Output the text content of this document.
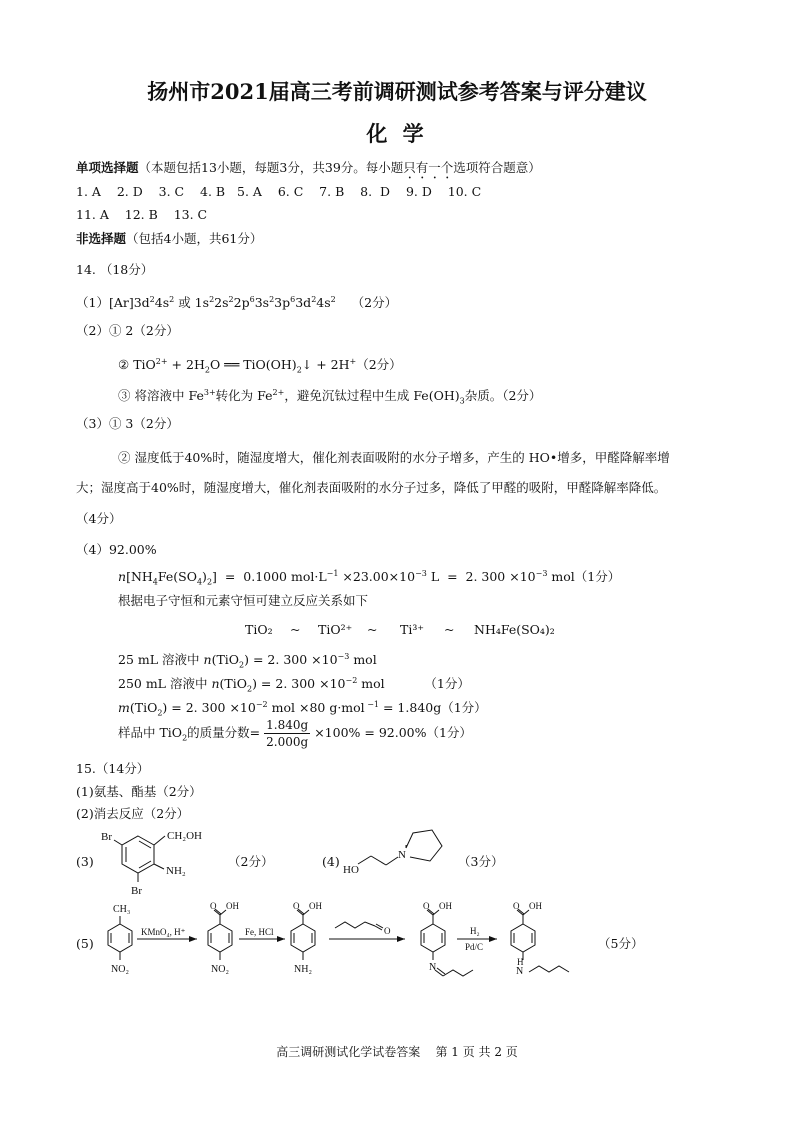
扬州市2021届高三考前调研测试参考答案与评分建议
化 学
单项选择题（本题包括13小题，每题3分，共39分。每小题只有一个选项符合题意）
1. A    2. D    3. C    4. B   5. A    6. C    7. B    8.  D    9. D    10. C
11. A    12. B    13. C
非选择题（包括4小题，共61分）
14. （18分）
$(1)[Ar]3d^24s^2$ 或 $1s^22s^22p^63s^23p^63d^24s^2$ （2分）
（2）① 2（2分）
② $TiO^{2+} + 2H_2O$ ══ $TiO(OH)_2↓ + 2H^+(2$分）
③ 将溶液中 $Fe^{3+}$转化为 $Fe^{2+}$，避免沉钛过程中生成 $Fe(OH)_3$杂质。（2分）
（3）① 3（2分）
② 湿度低于40%时，随湿度增大，催化剂表面吸附的水分子增多，产生的 HO•增多，甲醛降解率增
大；湿度高于40%时，随湿度增大，催化剂表面吸附的水分子过多，降低了甲醛的吸附，甲醛降解率降低。
（4分）
（4）92.00%
$n[NH_4Fe(SO_4)_2] = 0.1000$ $mol\cdot L^{-1} \times 23.00\times 10^{-3}$ L  =  2. $300 \times 10^{-3}$ mol（1分）
根据电子守恒和元素守恒可建立反应关系如下
TiO₂ ~ TiO²⁺ ~ Ti³⁺ ~ NH₄Fe(SO₄)₂
25 mL 溶液中 n(TiO$_2$) = 2. $300 \times 10^{-3}$ mol
250 mL 溶液中 n(TiO$_2$) = 2. $300 \times 10^{-2}$ mol          （1分）
m(TiO$_2$) = 2. $300 \times 10^{-2}$ mol ×80 g·mol $^{-1}$ = 1.840g（1分）
样品中 TiO$_2$的质量分数= $\frac{1.840g}{2.000g} \times 100\% = 92.00\%(1$分）
15.（14分）
(1)氨基、酯基（2分）
(2)消去反应（2分）
(3)
Br	CH₂OH
NH₂
Br
（2分）	(4)
HO
N	（3分）
(5)
CH₃
NO₂
KMnO₄, H⁺
O OH
NO₂
Fe, HCl
O OH
NH₂
O
O OH
N
H₂
Pd/C
O OH
H
N
（5分）
高三调研测试化学试卷答案    第 1 页 共 2 页
